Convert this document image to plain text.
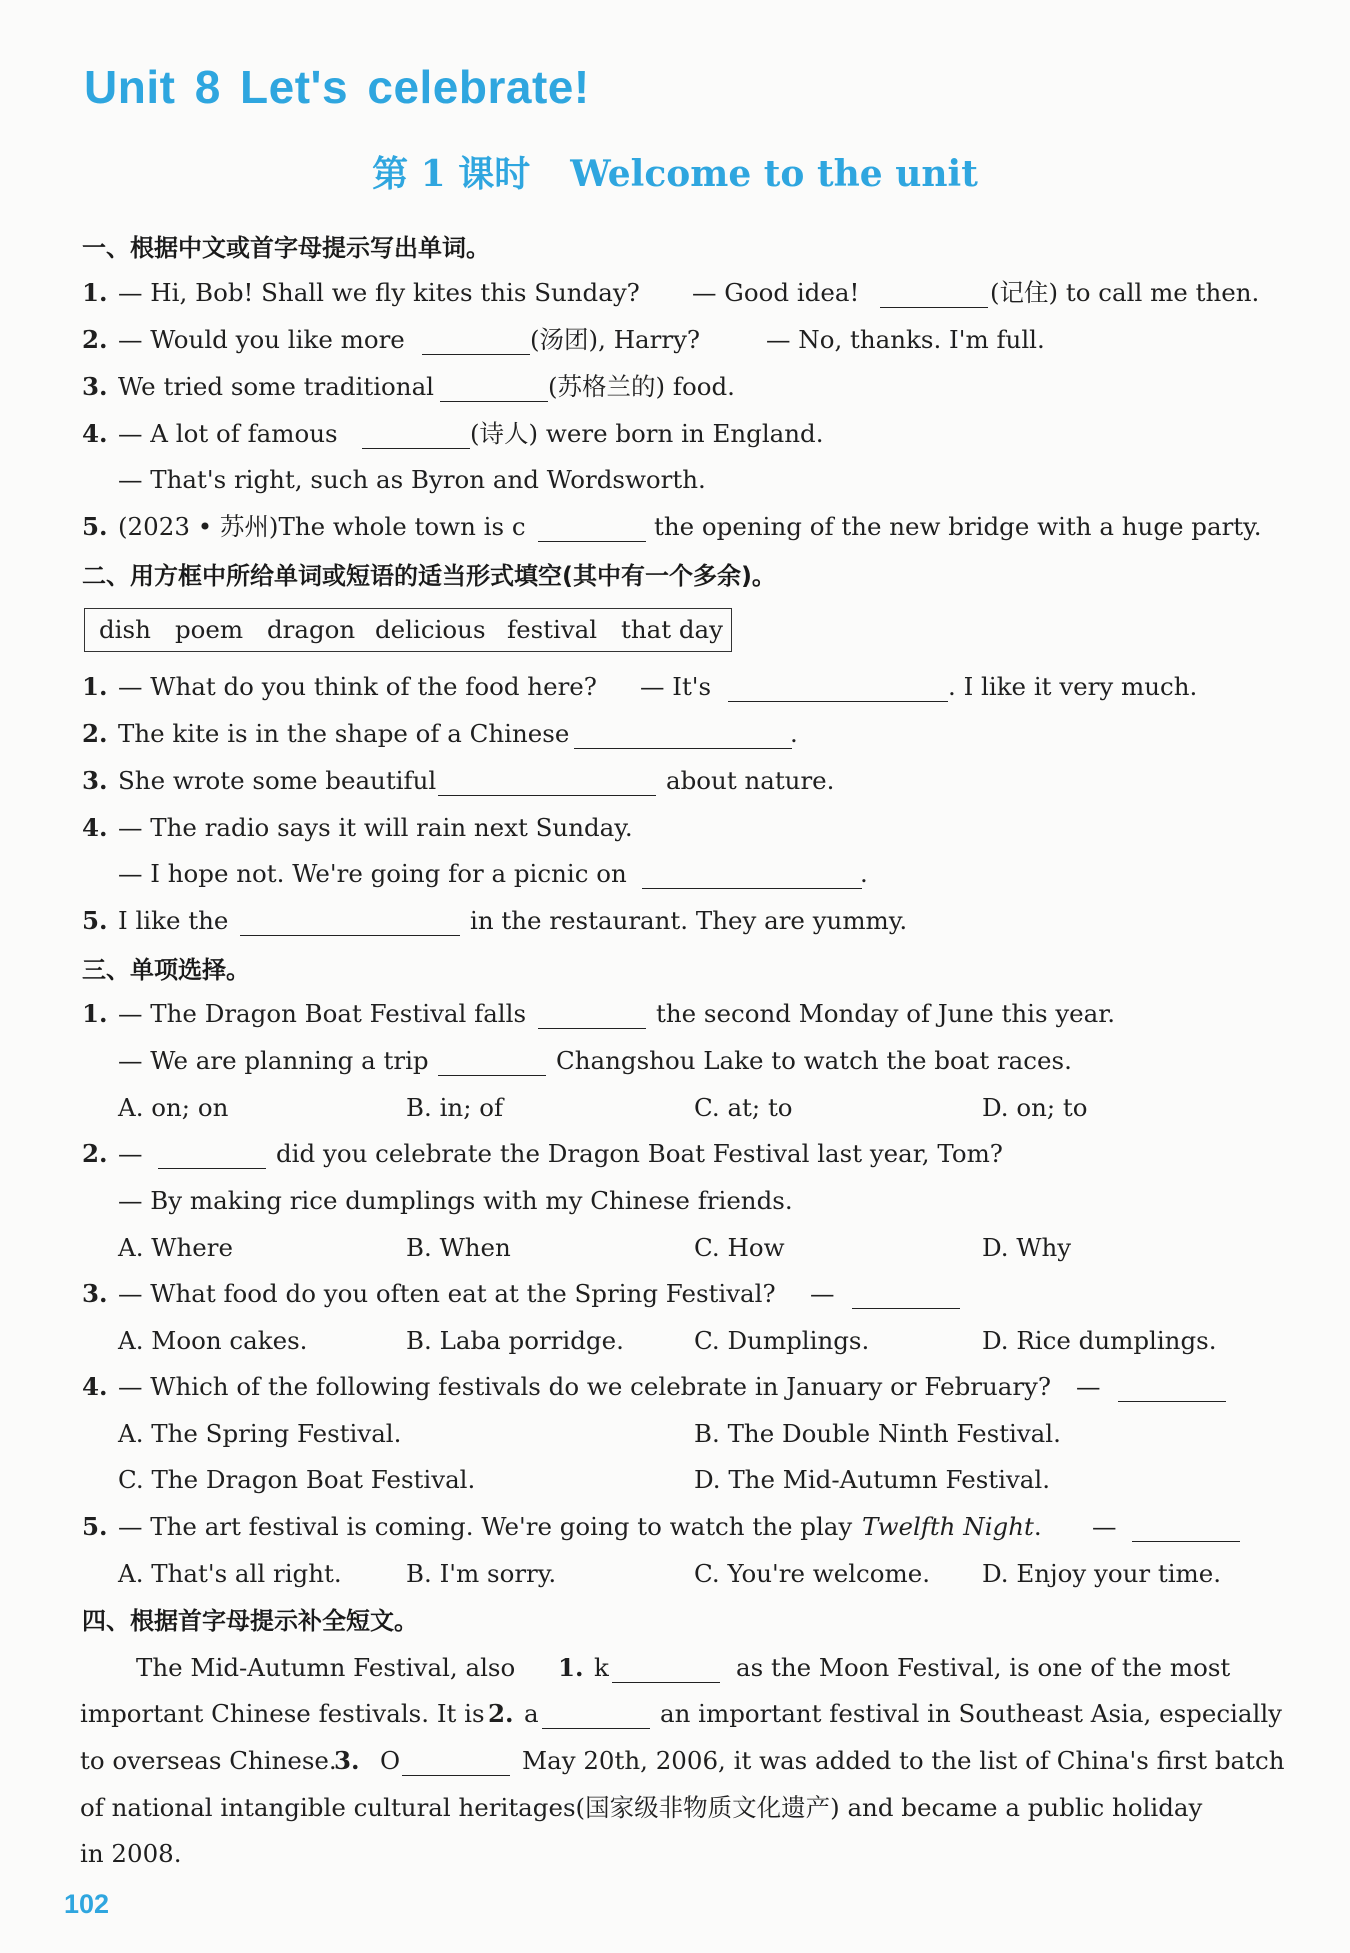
Unit 8 Let's celebrate!
第 1 课时 Welcome to the unit
一、根据中文或首字母提示写出单词。
1. — Hi, Bob! Shall we fly kites this Sunday? — Good idea!	(记住) to call me then.
2. — Would you like more	(汤团), Harry?	— No, thanks. I'm full.
3. We tried some traditional	(苏格兰的) food.
4. — A lot of famous	(诗人) were born in England.
— That's right, such as Byron and Wordsworth.
5. (2023 • 苏州)The whole town is c	the opening of the new bridge with a huge party.
二、用方框中所给单词或短语的适当形式填空(其中有一个多余)。
dish poem dragon delicious festival that day
1. — What do you think of the food here? — It's	. I like it very much.
2. The kite is in the shape of a Chinese	.
3. She wrote some beautiful	about nature.
4. — The radio says it will rain next Sunday.
— I hope not. We're going for a picnic on	.
5. I like the	in the restaurant. They are yummy.
三、单项选择。
1. — The Dragon Boat Festival falls	the second Monday of June this year.
— We are planning a trip	Changshou Lake to watch the boat races.
A. on; on	B. in; of	C. at; to	D. on; to
2. —	did you celebrate the Dragon Boat Festival last year, Tom?
— By making rice dumplings with my Chinese friends.
A. Where	B. When	C. How	D. Why
3. — What food do you often eat at the Spring Festival? —
A. Moon cakes.	B. Laba porridge.	C. Dumplings.	D. Rice dumplings.
4. — Which of the following festivals do we celebrate in January or February? —
A. The Spring Festival.	B. The Double Ninth Festival.
C. The Dragon Boat Festival.	D. The Mid-Autumn Festival.
5. — The art festival is coming. We're going to watch the play Twelfth Night. —
A. That's all right.	B. I'm sorry.	C. You're welcome. D. Enjoy your time.
四、根据首字母提示补全短文。
The Mid-Autumn Festival, also 1. k	as the Moon Festival, is one of the most
important Chinese festivals. It is 2. a	an important festival in Southeast Asia, especially
to overseas Chinese.
3. O	May 20th, 2006, it was added to the list of China's first batch
of national intangible cultural heritages(国家级非物质文化遗产) and became a public holiday
in 2008.
102
